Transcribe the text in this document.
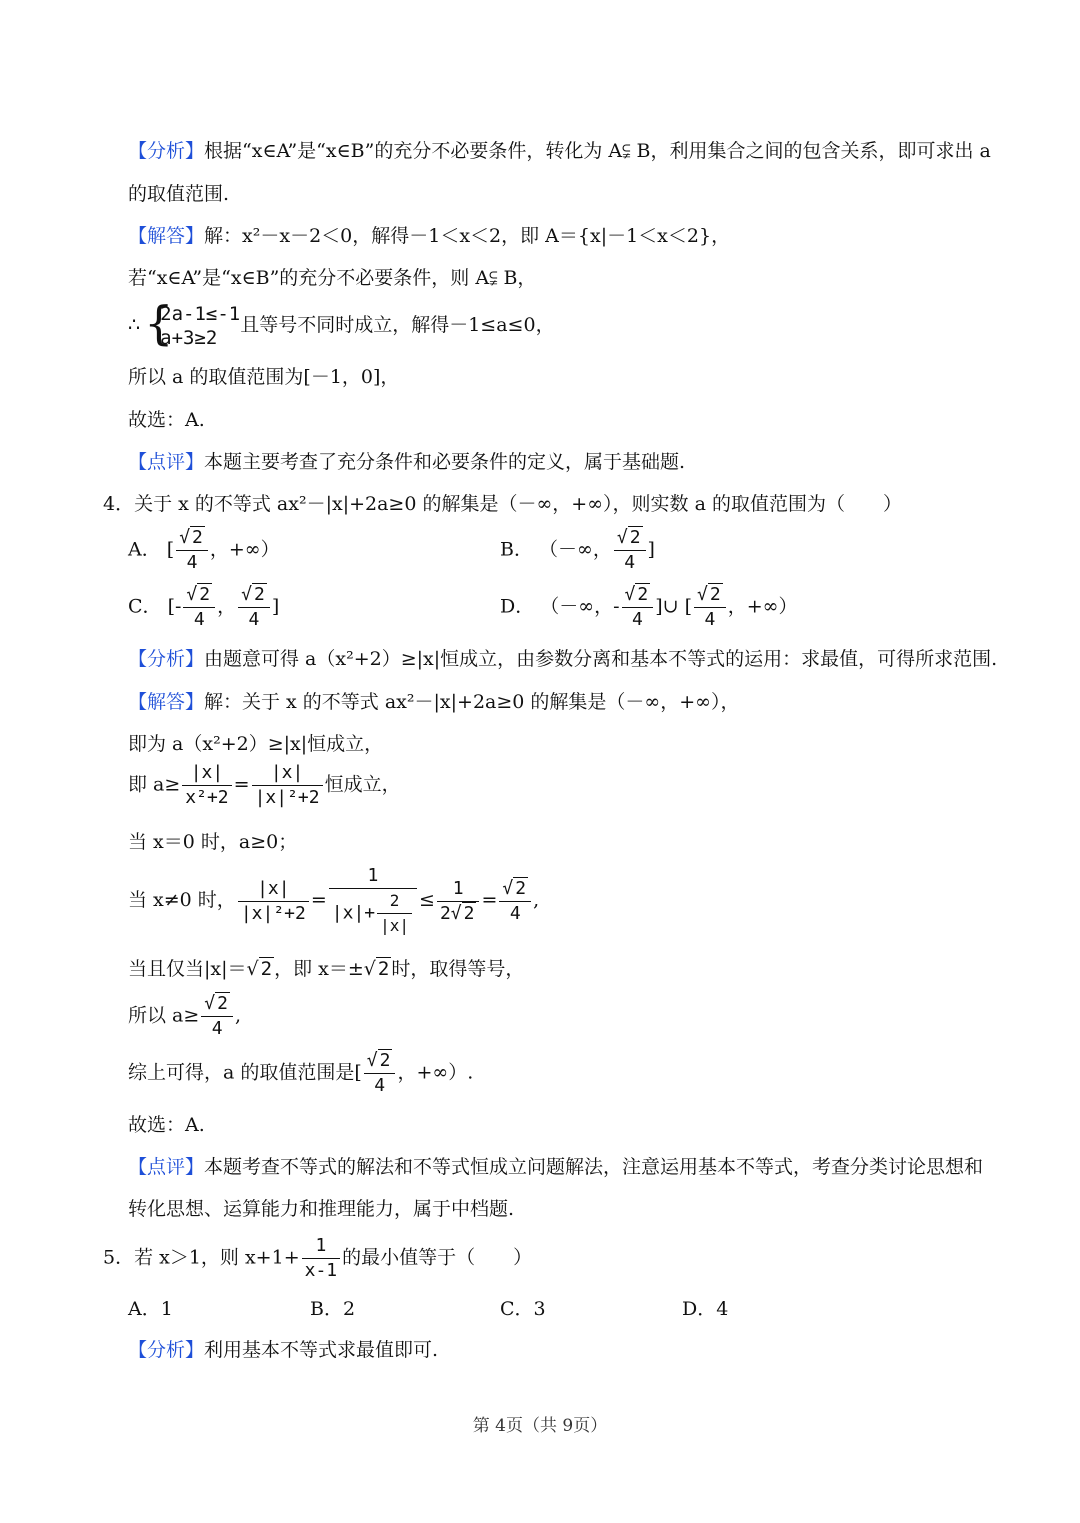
【分析】根据“x∈A”是“x∈B”的充分不必要条件，转化为 A⫋ B，利用集合之间的包含关系，即可求出 a
的取值范围.
【解答】解：x²－x－2＜0，解得－1＜x＜2，即 A＝{x|－1＜x＜2}，
若“x∈A”是“x∈B”的充分不必要条件，则 A⫋ B，
∴
{ 2a-1≤-1
a+3≥2
且等号不同时成立，解得－1≤a≤0，
所以 a 的取值范围为[－1，0]，
故选：A.
【点评】本题主要考查了充分条件和必要条件的定义，属于基础题.
4．关于 x 的不等式 ax²－|x|+2a≥0 的解集是（－∞，+∞），则实数 a 的取值范围为（　　）
A． [ $\frac{√ 2}{4}$ ，+∞）	B． （－∞， $\frac{√ 2}{4}$ ]
C． [- $\frac{√ 2}{4}$ ， $\frac{√ 2}{4}$ ]	D． （－∞，- $\frac{√ 2}{4}$ ]∪ [ $\frac{√ 2}{4}$ ，+∞）
【分析】由题意可得 a（x²+2）≥|x|恒成立，由参数分离和基本不等式的运用：求最值，可得所求范围.
【解答】解：关于 x 的不等式 ax²－|x|+2a≥0 的解集是（－∞，+∞），
即为 a（x²+2）≥|x|恒成立，
即 $a\ge \frac{|x|}{\text{x²+2}} = \frac{|x|}{\text{|x|²+2}}$ 恒成立，
当 x＝0 时，a≥0；
当 x≠0 时， $\frac{|x|}{\text{|x|²+2}} = \frac{1}{|x|+ \frac{2}{|x|}} \le \frac{1}{2√ 2} = \frac{√ 2}{4}$ ,
当且仅当|x|＝√ 2 ，即 x＝±√ 2 时，取得等号，
所以 $a\ge \frac{√ 2}{4}$ ,
综上可得，a 的取值范围是[ $\frac{√ 2}{4}$ ，+∞）.
故选：A.
【点评】本题考查不等式的解法和不等式恒成立问题解法，注意运用基本不等式，考查分类讨论思想和
转化思想、运算能力和推理能力，属于中档题.
5．若 x＞1，则 $x+1+ \frac{1}{x-1}$ 的最小值等于（　　）
A．1	B．2	C．3	D．4
【分析】利用基本不等式求最值即可.
第 4页（共 9页）
